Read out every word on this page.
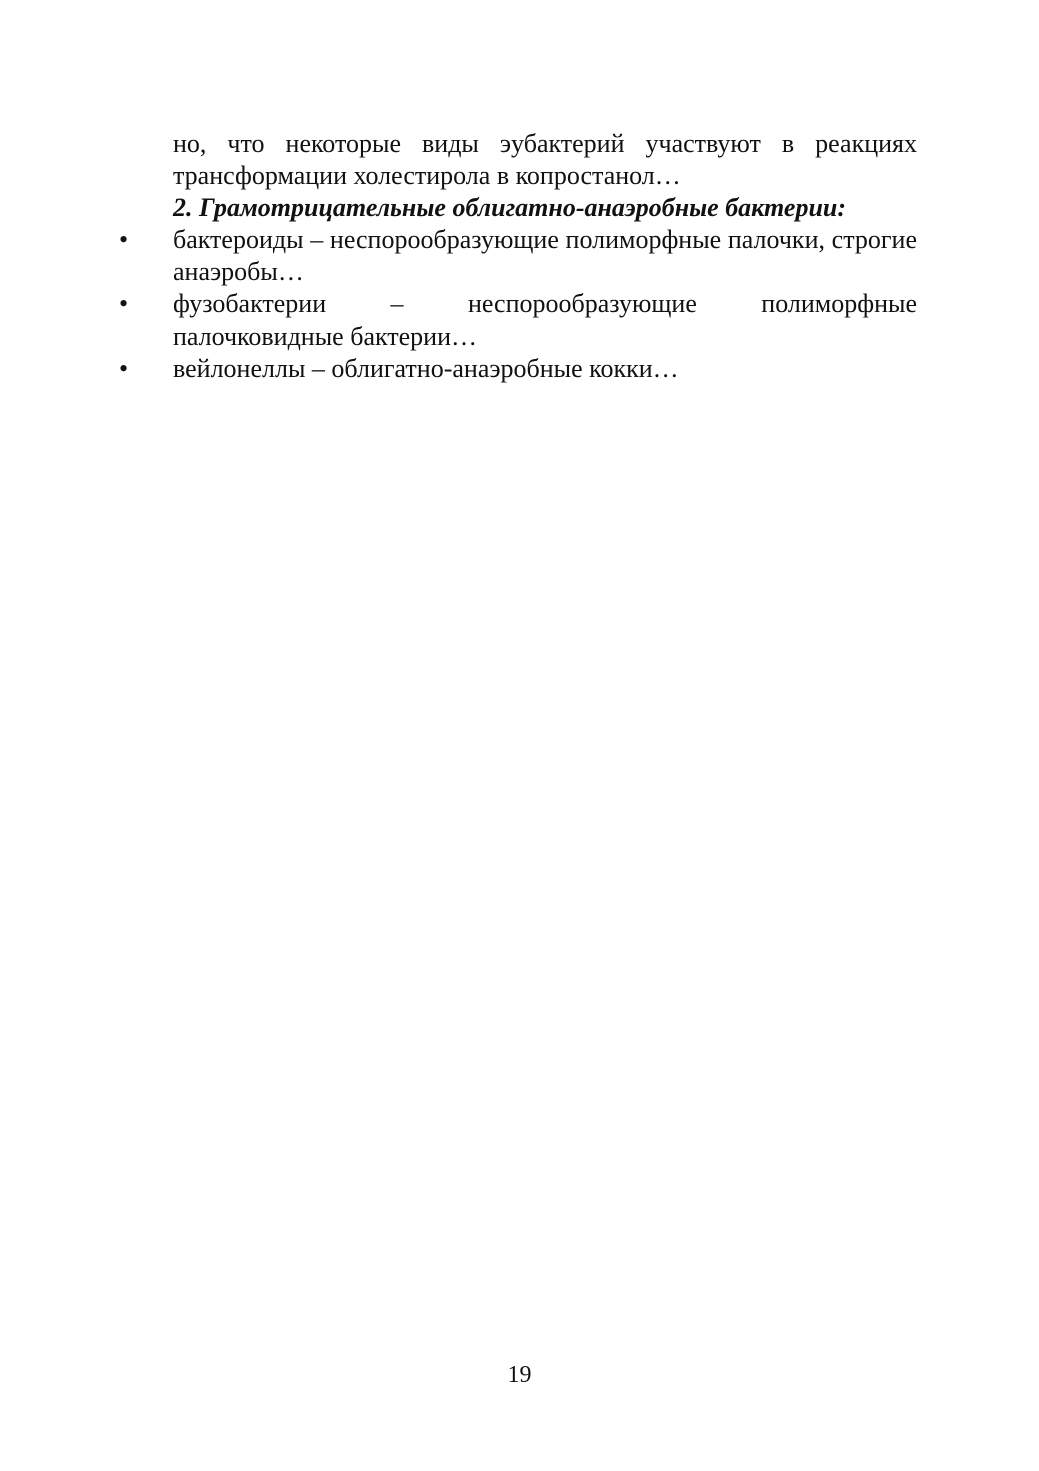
но, что некоторые виды эубактерий участвуют в реакциях трансформации холестирола в копростанол…

2. Грамотрицательные облигатно-анаэробные бактерии:

•	бактероиды – неспорообразующие полиморфные палочки, строгие анаэробы…
•	фузобактерии – неспорообразующие полиморфные палочковидные бактерии…
•	вейлонеллы – облигатно-анаэробные кокки…
19
